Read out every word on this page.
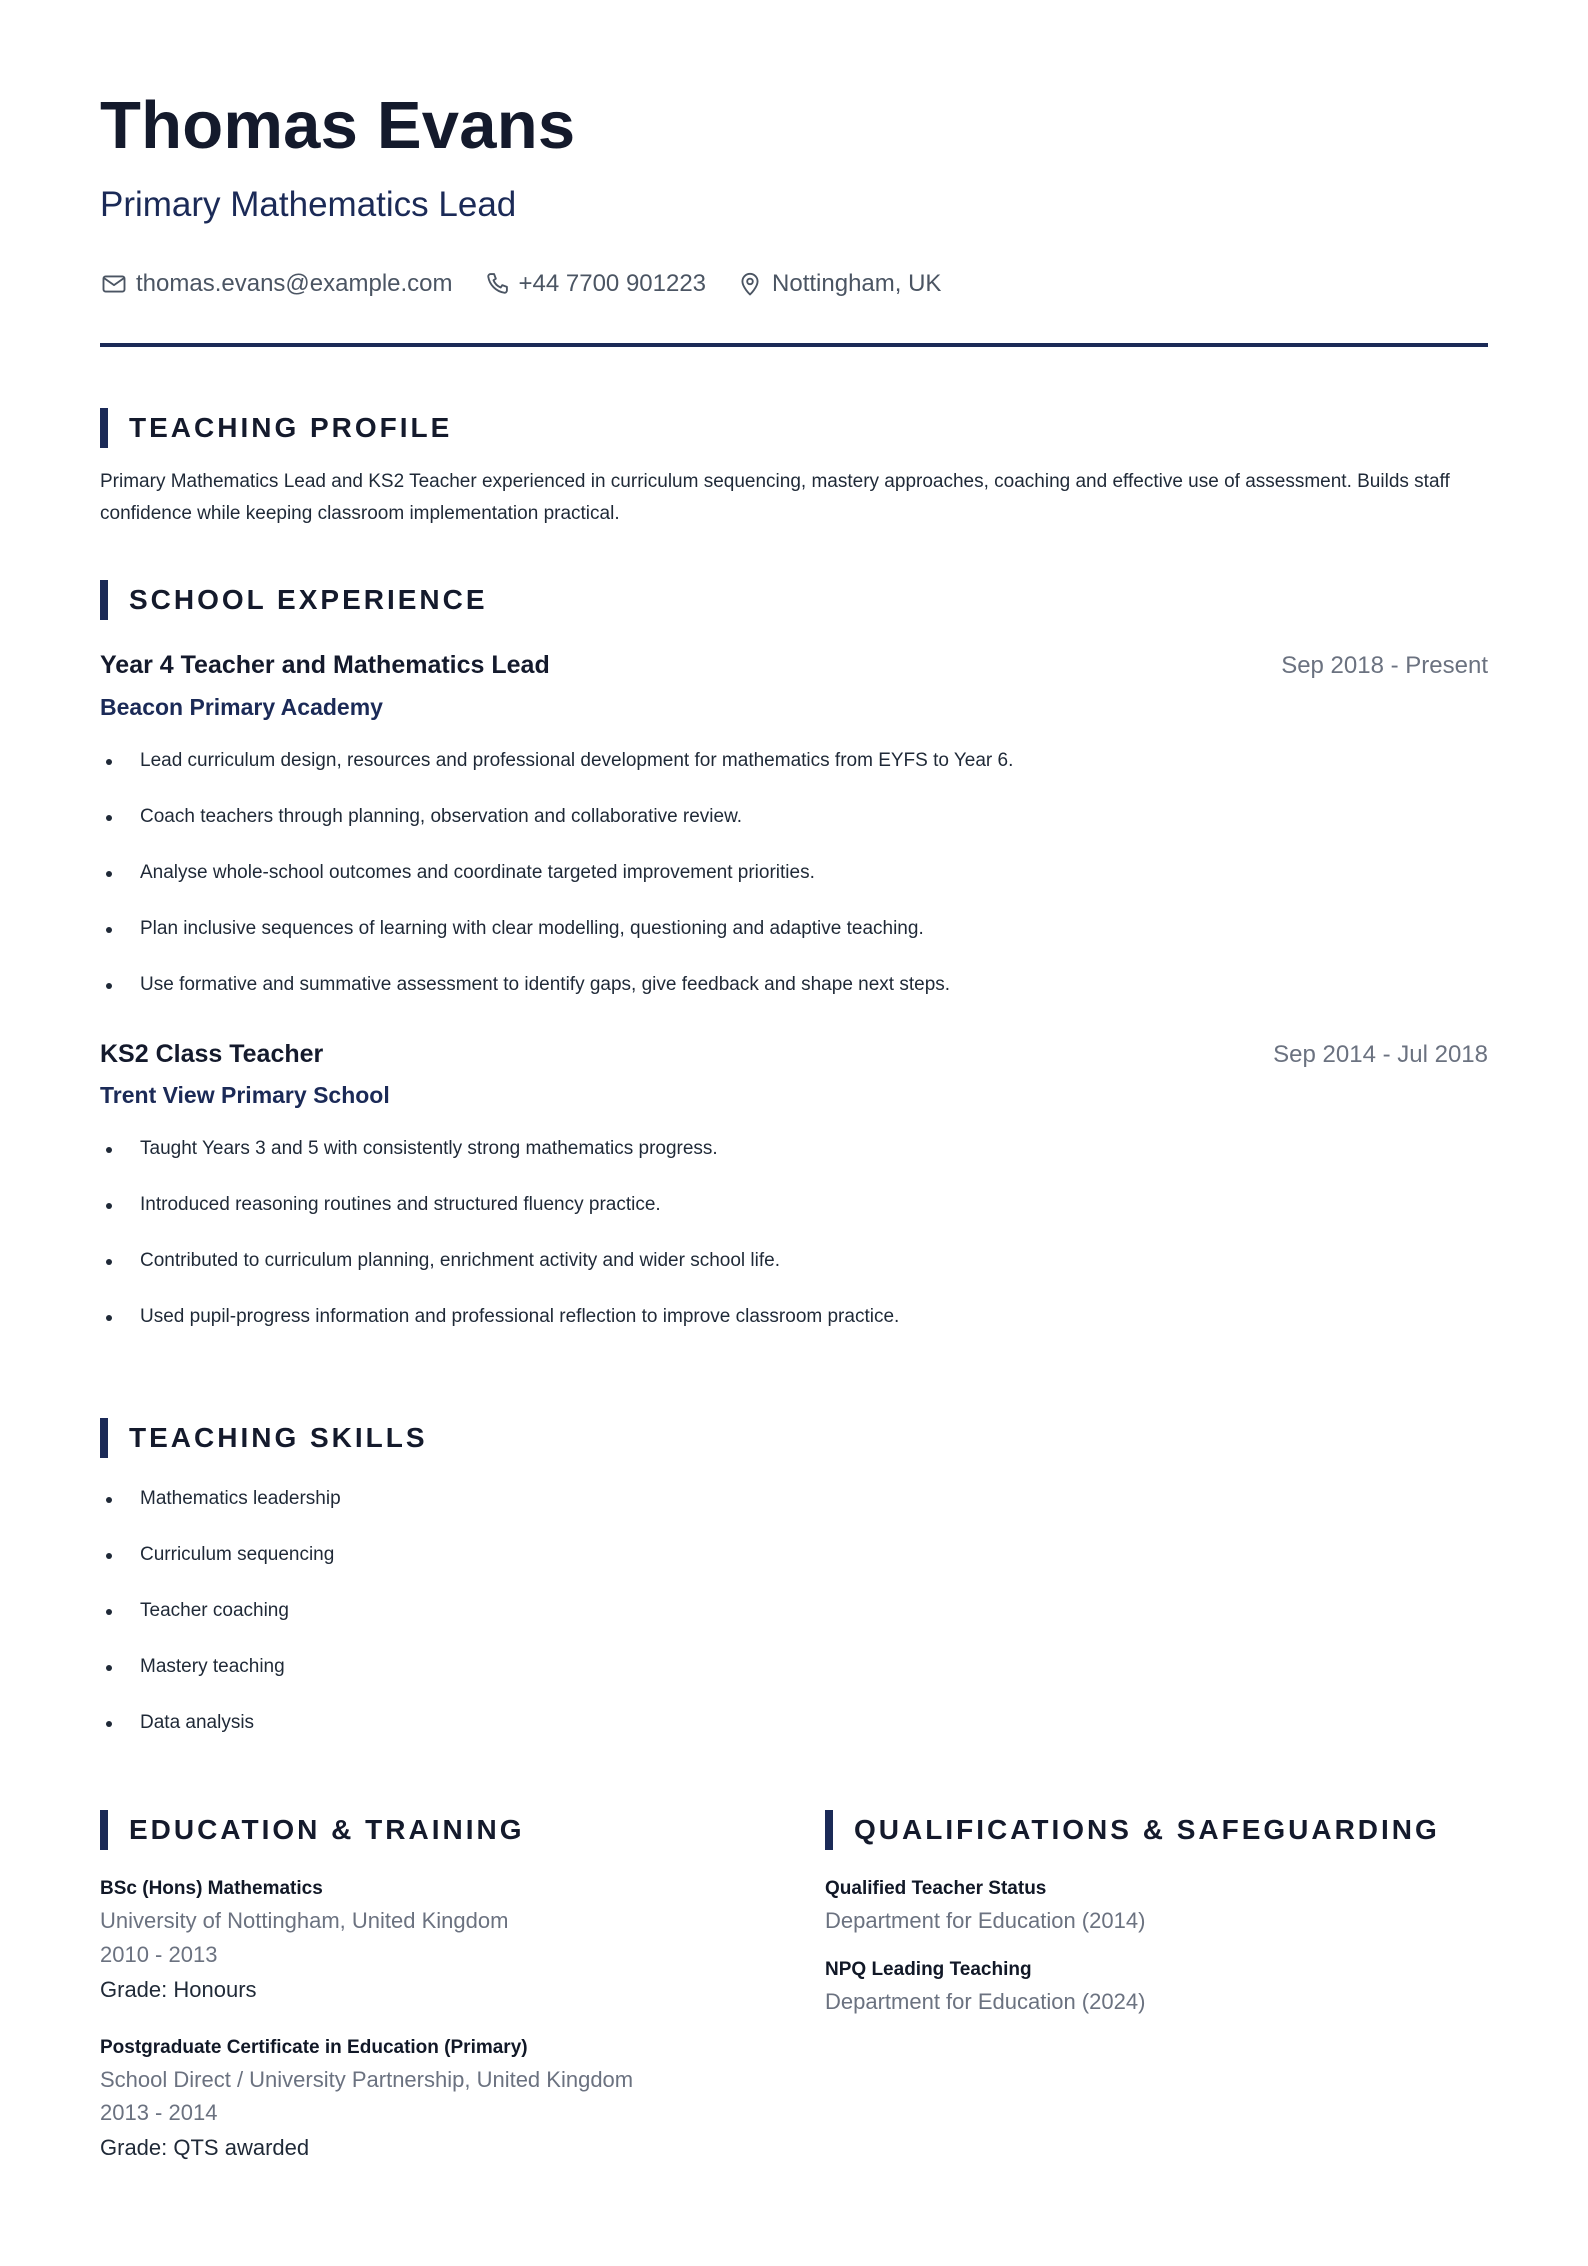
Thomas Evans
Primary Mathematics Lead
thomas.evans@example.com	+44 7700 901223	Nottingham, UK
TEACHING PROFILE
Primary Mathematics Lead and KS2 Teacher experienced in curriculum sequencing, mastery approaches, coaching and effective use of assessment. Builds staff confidence while keeping classroom implementation practical.
SCHOOL EXPERIENCE
Year 4 Teacher and Mathematics Lead	Sep 2018 - Present
Beacon Primary Academy
Lead curriculum design, resources and professional development for mathematics from EYFS to Year 6.
Coach teachers through planning, observation and collaborative review.
Analyse whole-school outcomes and coordinate targeted improvement priorities.
Plan inclusive sequences of learning with clear modelling, questioning and adaptive teaching.
Use formative and summative assessment to identify gaps, give feedback and shape next steps.
KS2 Class Teacher	Sep 2014 - Jul 2018
Trent View Primary School
Taught Years 3 and 5 with consistently strong mathematics progress.
Introduced reasoning routines and structured fluency practice.
Contributed to curriculum planning, enrichment activity and wider school life.
Used pupil-progress information and professional reflection to improve classroom practice.
TEACHING SKILLS
Mathematics leadership
Curriculum sequencing
Teacher coaching
Mastery teaching
Data analysis
EDUCATION & TRAINING
BSc (Hons) Mathematics
University of Nottingham, United Kingdom
2010 - 2013
Grade: Honours
Postgraduate Certificate in Education (Primary)
School Direct / University Partnership, United Kingdom
2013 - 2014
Grade: QTS awarded
QUALIFICATIONS & SAFEGUARDING
Qualified Teacher Status
Department for Education (2014)
NPQ Leading Teaching
Department for Education (2024)
